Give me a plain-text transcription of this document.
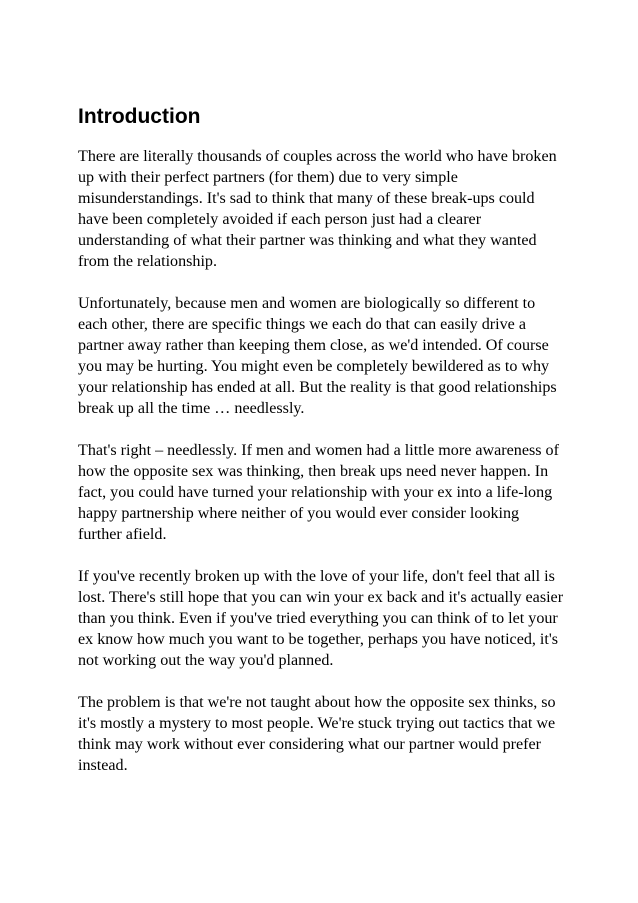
Introduction

There are literally thousands of couples across the world who have broken up with their perfect partners (for them) due to very simple misunderstandings. It's sad to think that many of these break-ups could have been completely avoided if each person just had a clearer understanding of what their partner was thinking and what they wanted from the relationship.

Unfortunately, because men and women are biologically so different to each other, there are specific things we each do that can easily drive a partner away rather than keeping them close, as we'd intended. Of course you may be hurting. You might even be completely bewildered as to why your relationship has ended at all. But the reality is that good relationships break up all the time … needlessly.

That's right – needlessly. If men and women had a little more awareness of how the opposite sex was thinking, then break ups need never happen. In fact, you could have turned your relationship with your ex into a life-long happy partnership where neither of you would ever consider looking further afield.

If you've recently broken up with the love of your life, don't feel that all is lost. There's still hope that you can win your ex back and it's actually easier than you think. Even if you've tried everything you can think of to let your ex know how much you want to be together, perhaps you have noticed, it's not working out the way you'd planned.

The problem is that we're not taught about how the opposite sex thinks, so it's mostly a mystery to most people. We're stuck trying out tactics that we think may work without ever considering what our partner would prefer instead.
